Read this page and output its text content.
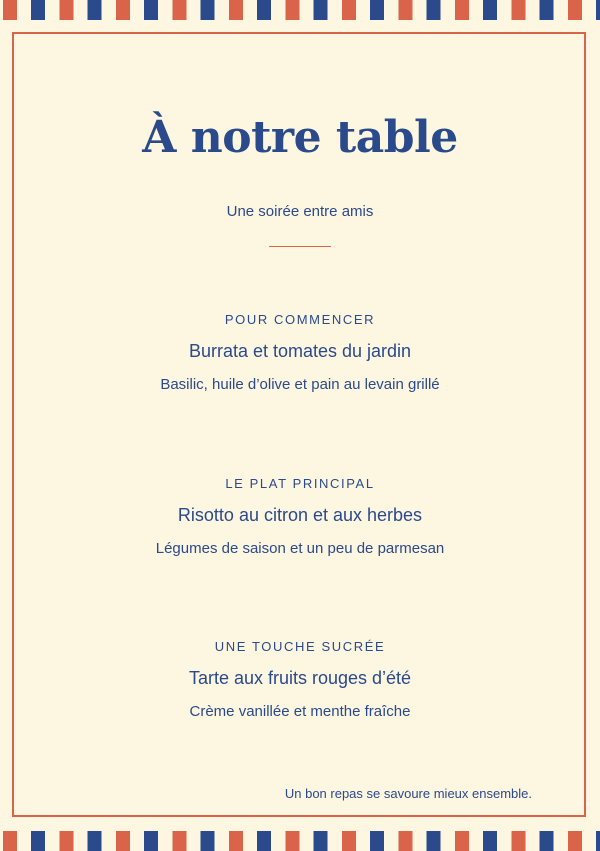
À notre table
Une soirée entre amis
POUR COMMENCER
Burrata et tomates du jardin
Basilic, huile d’olive et pain au levain grillé
LE PLAT PRINCIPAL
Risotto au citron et aux herbes
Légumes de saison et un peu de parmesan
UNE TOUCHE SUCRÉE
Tarte aux fruits rouges d’été
Crème vanillée et menthe fraîche
Un bon repas se savoure mieux ensemble.
